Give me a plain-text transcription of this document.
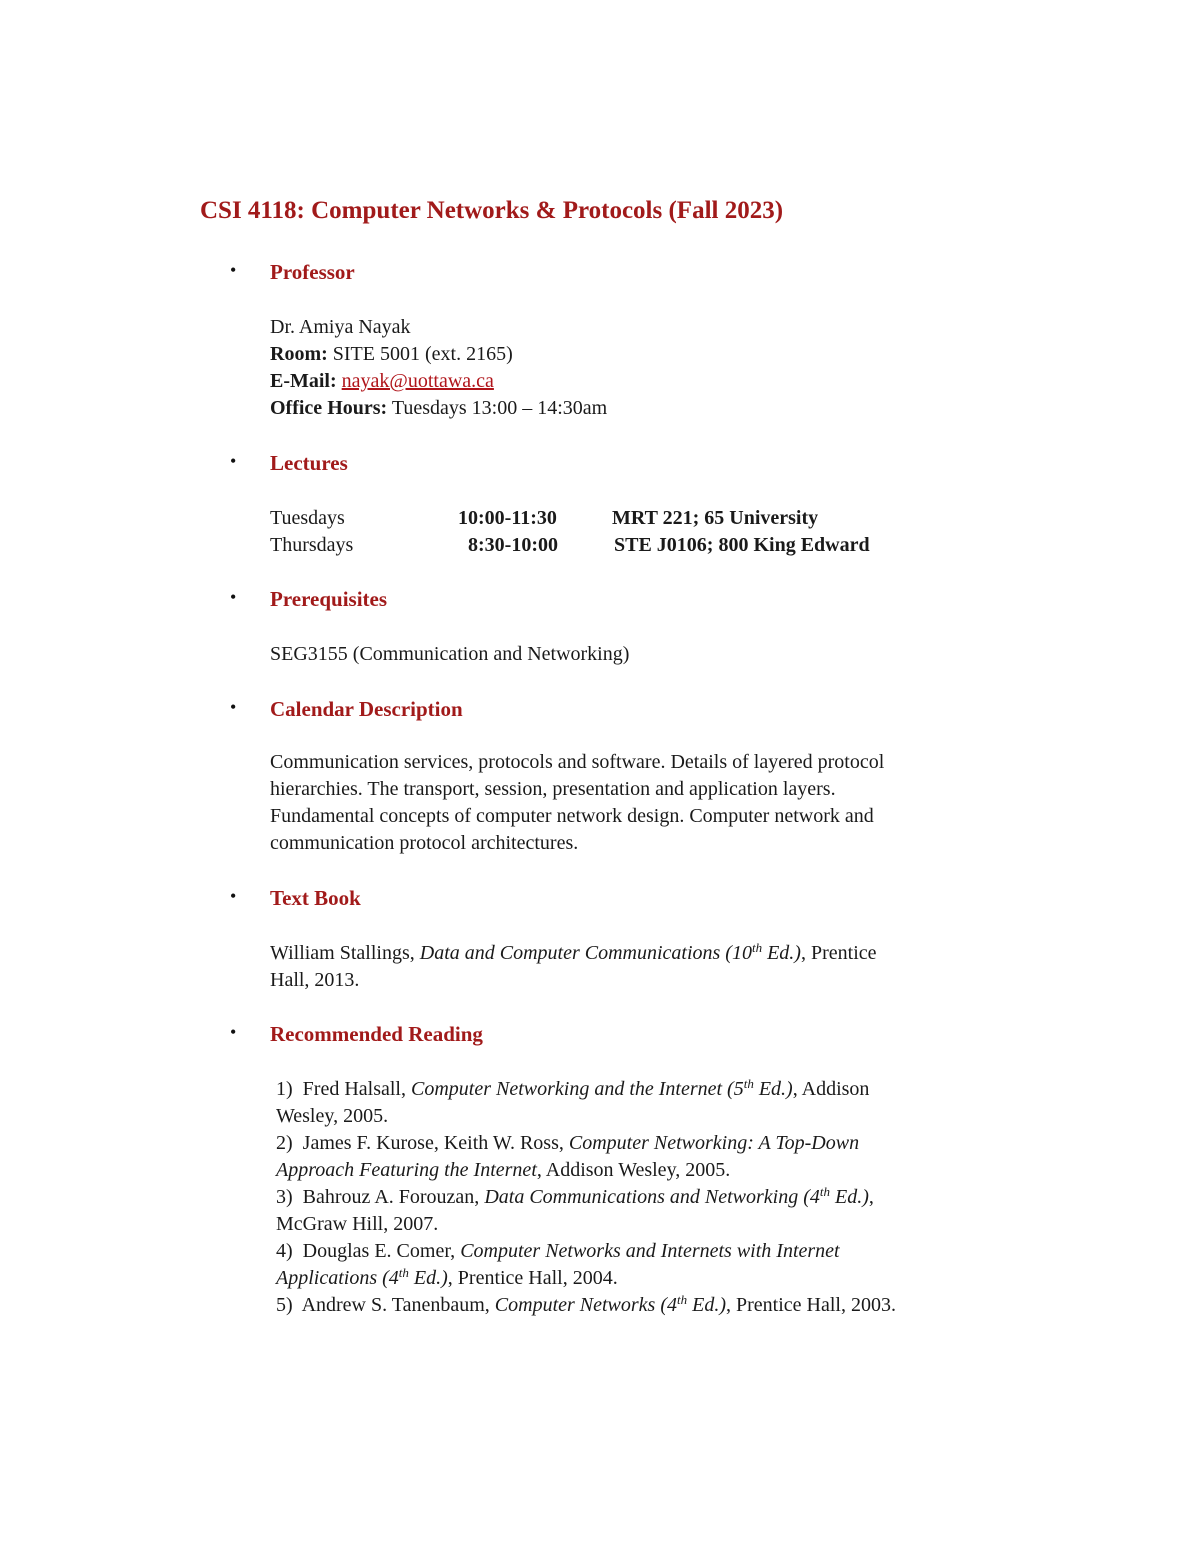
CSI 4118: Computer Networks & Protocols (Fall 2023)
• Professor
Dr. Amiya Nayak
Room: SITE 5001 (ext. 2165)
E-Mail: nayak@uottawa.ca
Office Hours: Tuesdays 13:00 – 14:30am
• Lectures
Tuesdays	10:00-11:30	MRT 221; 65 University
Thursdays	8:30-10:00	STE J0106; 800 King Edward
• Prerequisites
SEG3155 (Communication and Networking)
• Calendar Description
Communication services, protocols and software. Details of layered protocol
hierarchies. The transport, session, presentation and application layers.
Fundamental concepts of computer network design. Computer network and
communication protocol architectures.
• Text Book
William Stallings, Data and Computer Communications (10th Ed.), Prentice
Hall, 2013.
• Recommended Reading
1) Fred Halsall, Computer Networking and the Internet (5th Ed.), Addison
Wesley, 2005.
2) James F. Kurose, Keith W. Ross, Computer Networking: A Top-Down
Approach Featuring the Internet, Addison Wesley, 2005.
3) Bahrouz A. Forouzan, Data Communications and Networking (4th Ed.),
McGraw Hill, 2007.
4) Douglas E. Comer, Computer Networks and Internets with Internet
Applications (4th Ed.), Prentice Hall, 2004.
5) Andrew S. Tanenbaum, Computer Networks (4th Ed.), Prentice Hall, 2003.
